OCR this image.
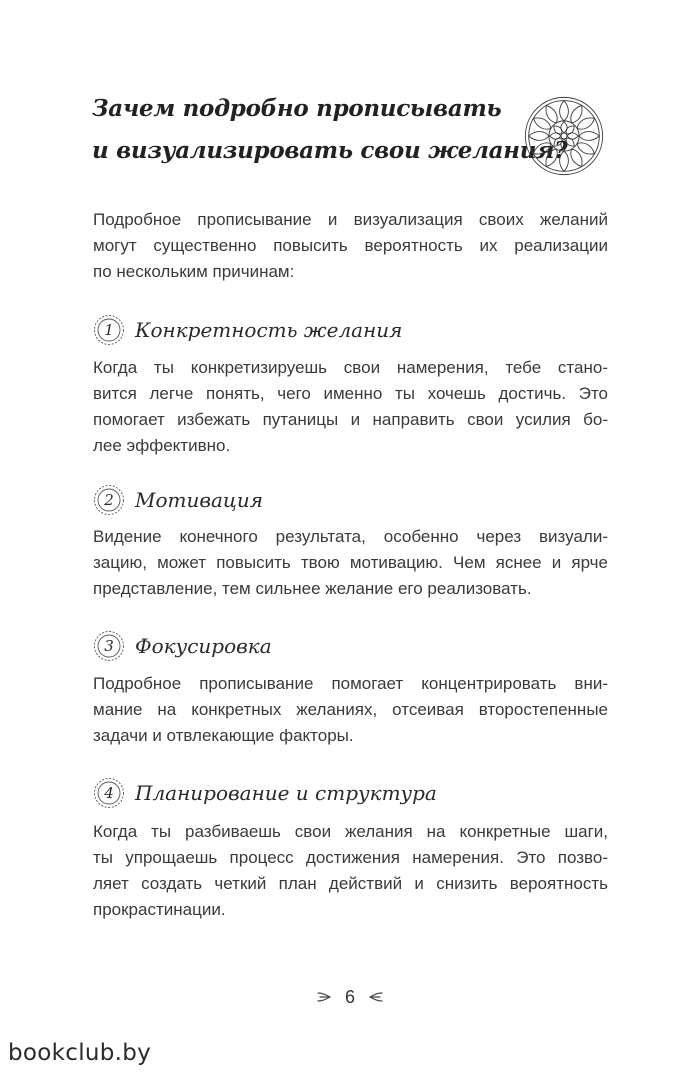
Зачем подробно прописывать
и визуализировать свои желания?

Подробное прописывание и визуализация своих желаний
могут существенно повысить вероятность их реализации
по нескольким причинам:

1	Конкретность желания

Когда ты конкретизируешь свои намерения, тебе стано-
вится легче понять, чего именно ты хочешь достичь. Это
помогает избежать путаницы и направить свои усилия бо-
лее эффективно.

2	Мотивация

Видение конечного результата, особенно через визуали-
зацию, может повысить твою мотивацию. Чем яснее и ярче
представление, тем сильнее желание его реализовать.

3	Фокусировка

Подробное прописывание помогает концентрировать вни-
мание на конкретных желаниях, отсеивая второстепенные
задачи и отвлекающие факторы.

4	Планирование и структура

Когда ты разбиваешь свои желания на конкретные шаги,
ты упрощаешь процесс достижения намерения. Это позво-
ляет создать четкий план действий и снизить вероятность
прокрастинации.

6
bookclub.by
